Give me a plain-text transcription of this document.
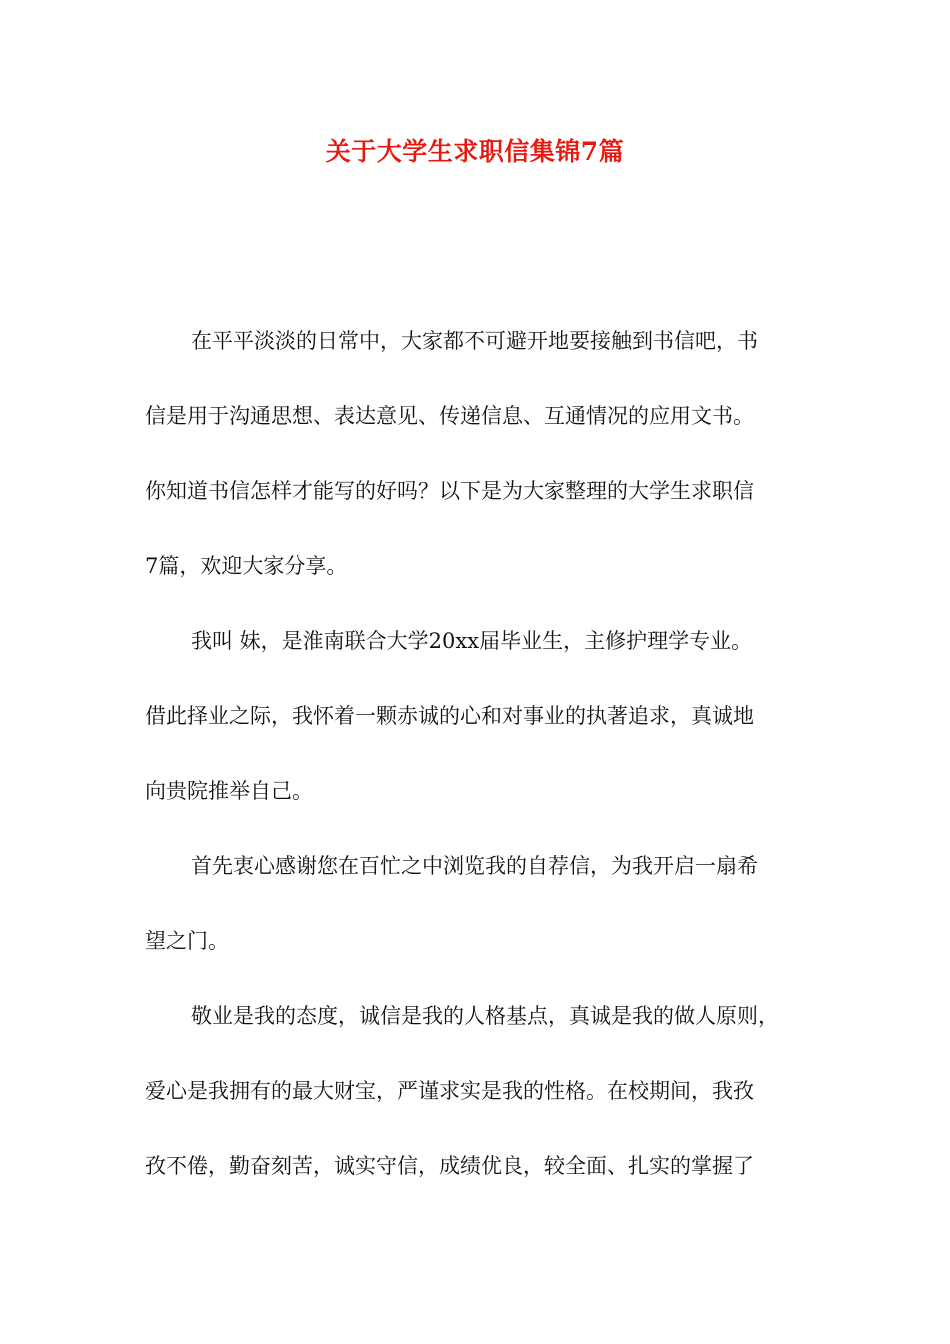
关于大学生求职信集锦7篇
在平平淡淡的日常中，大家都不可避开地要接触到书信吧，书
信是用于沟通思想、表达意见、传递信息、互通情况的应用文书。
你知道书信怎样才能写的好吗？以下是为大家整理的大学生求职信
7篇，欢迎大家分享。
我叫 妹，是淮南联合大学20xx届毕业生，主修护理学专业。
借此择业之际，我怀着一颗赤诚的心和对事业的执著追求，真诚地
向贵院推举自己。
首先衷心感谢您在百忙之中浏览我的自荐信，为我开启一扇希
望之门。
敬业是我的态度，诚信是我的人格基点，真诚是我的做人原则，
爱心是我拥有的最大财宝，严谨求实是我的性格。在校期间，我孜
孜不倦，勤奋刻苦，诚实守信，成绩优良，较全面、扎实的掌握了
